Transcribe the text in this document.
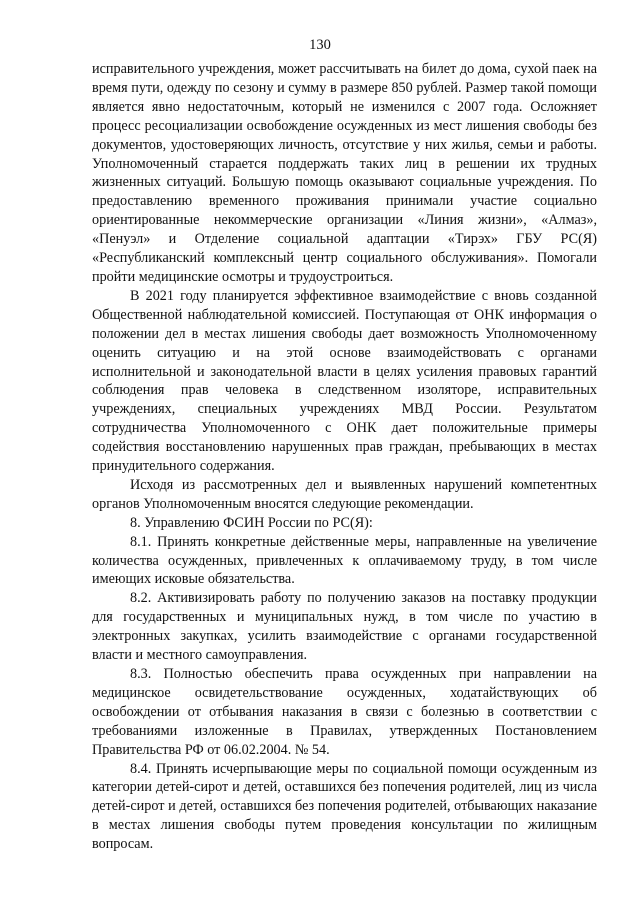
130

исправительного учреждения, может рассчитывать на билет до дома, сухой паек на время пути, одежду по сезону и сумму в размере 850 рублей. Размер такой помощи является явно недостаточным, который не изменился с 2007 года. Осложняет процесс ресоциализации освобождение осужденных из мест лишения свободы без документов, удостоверяющих личность, отсутствие у них жилья, семьи и работы. Уполномоченный старается поддержать таких лиц в решении их трудных жизненных ситуаций. Большую помощь оказывают социальные учреждения. По предоставлению временного проживания принимали участие социально ориентированные некоммерческие организации «Линия жизни», «Алмаз», «Пенуэл» и Отделение социальной адаптации «Тирэх» ГБУ РС(Я) «Республиканский комплексный центр социального обслуживания». Помогали пройти медицинские осмотры и трудоустроиться.

В 2021 году планируется эффективное взаимодействие с вновь созданной Общественной наблюдательной комиссией. Поступающая от ОНК информация о положении дел в местах лишения свободы дает возможность Уполномоченному оценить ситуацию и на этой основе взаимодействовать с органами исполнительной и законодательной власти в целях усиления правовых гарантий соблюдения прав человека в следственном изоляторе, исправительных учреждениях, специальных учреждениях МВД России. Результатом сотрудничества Уполномоченного с ОНК дает положительные примеры содействия восстановлению нарушенных прав граждан, пребывающих в местах принудительного содержания.

Исходя из рассмотренных дел и выявленных нарушений компетентных органов Уполномоченным вносятся следующие рекомендации.

8. Управлению ФСИН России по РС(Я):

8.1. Принять конкретные действенные меры, направленные на увеличение количества осужденных, привлеченных к оплачиваемому труду, в том числе имеющих исковые обязательства.

8.2. Активизировать работу по получению заказов на поставку продукции для государственных и муниципальных нужд, в том числе по участию в электронных закупках, усилить взаимодействие с органами государственной власти и местного самоуправления.

8.3. Полностью обеспечить права осужденных при направлении на медицинское освидетельствование осужденных, ходатайствующих об освобождении от отбывания наказания в связи с болезнью в соответствии с требованиями изложенные в Правилах, утвержденных Постановлением Правительства РФ от 06.02.2004. № 54.

8.4. Принять исчерпывающие меры по социальной помощи осужденным из категории детей-сирот и детей, оставшихся без попечения родителей, лиц из числа детей-сирот и детей, оставшихся без попечения родителей, отбывающих наказание в местах лишения свободы путем проведения консультации по жилищным вопросам.
